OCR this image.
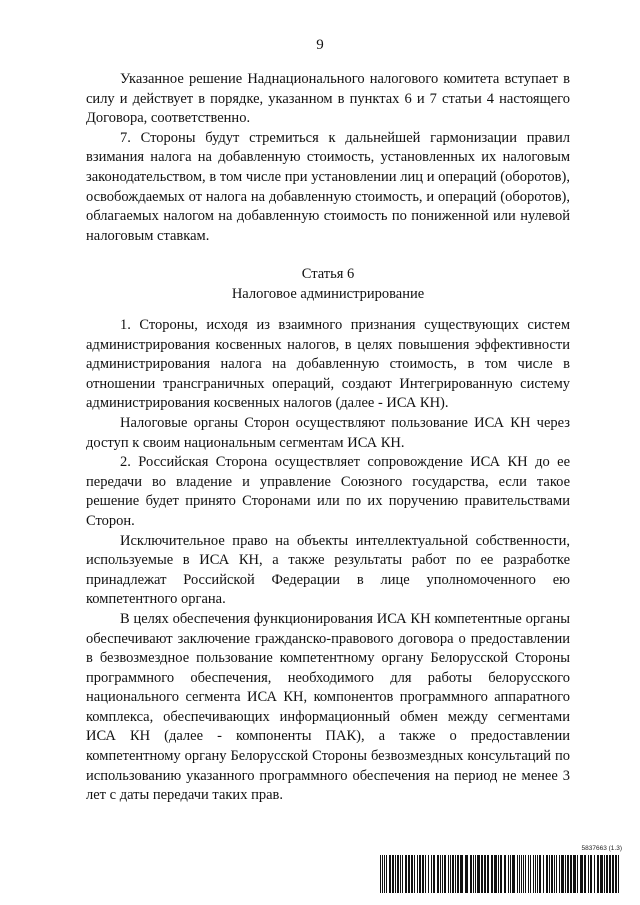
9

Указанное решение Наднационального налогового комитета вступает в силу и действует в порядке, указанном в пунктах 6 и 7 статьи 4 настоящего Договора, соответственно.

7. Стороны будут стремиться к дальнейшей гармонизации правил взимания налога на добавленную стоимость, установленных их налоговым законодательством, в том числе при установлении лиц и операций (оборотов), освобождаемых от налога на добавленную стоимость, и операций (оборотов), облагаемых налогом на добавленную стоимость по пониженной или нулевой налоговым ставкам.

Статья 6

Налоговое администрирование

1. Стороны, исходя из взаимного признания существующих систем администрирования косвенных налогов, в целях повышения эффективности администрирования налога на добавленную стоимость, в том числе в отношении трансграничных операций, создают Интегрированную систему администрирования косвенных налогов (далее - ИСА КН).

Налоговые органы Сторон осуществляют пользование ИСА КН через доступ к своим национальным сегментам ИСА КН.

2. Российская Сторона осуществляет сопровождение ИСА КН до ее передачи во владение и управление Союзного государства, если такое решение будет принято Сторонами или по их поручению правительствами Сторон.

Исключительное право на объекты интеллектуальной собственности, используемые в ИСА КН, а также результаты работ по ее разработке принадлежат Российской Федерации в лице уполномоченного ею компетентного органа.

В целях обеспечения функционирования ИСА КН компетентные органы обеспечивают заключение гражданско-правового договора о предоставлении в безвозмездное пользование компетентному органу Белорусской Стороны программного обеспечения, необходимого для работы белорусского национального сегмента ИСА КН, компонентов программного аппаратного комплекса, обеспечивающих информационный обмен между сегментами ИСА КН (далее - компоненты ПАК), а также о предоставлении компетентному органу Белорусской Стороны безвозмездных консультаций по использованию указанного программного обеспечения на период не менее 3 лет с даты передачи таких прав.

5837663 (1.3)
